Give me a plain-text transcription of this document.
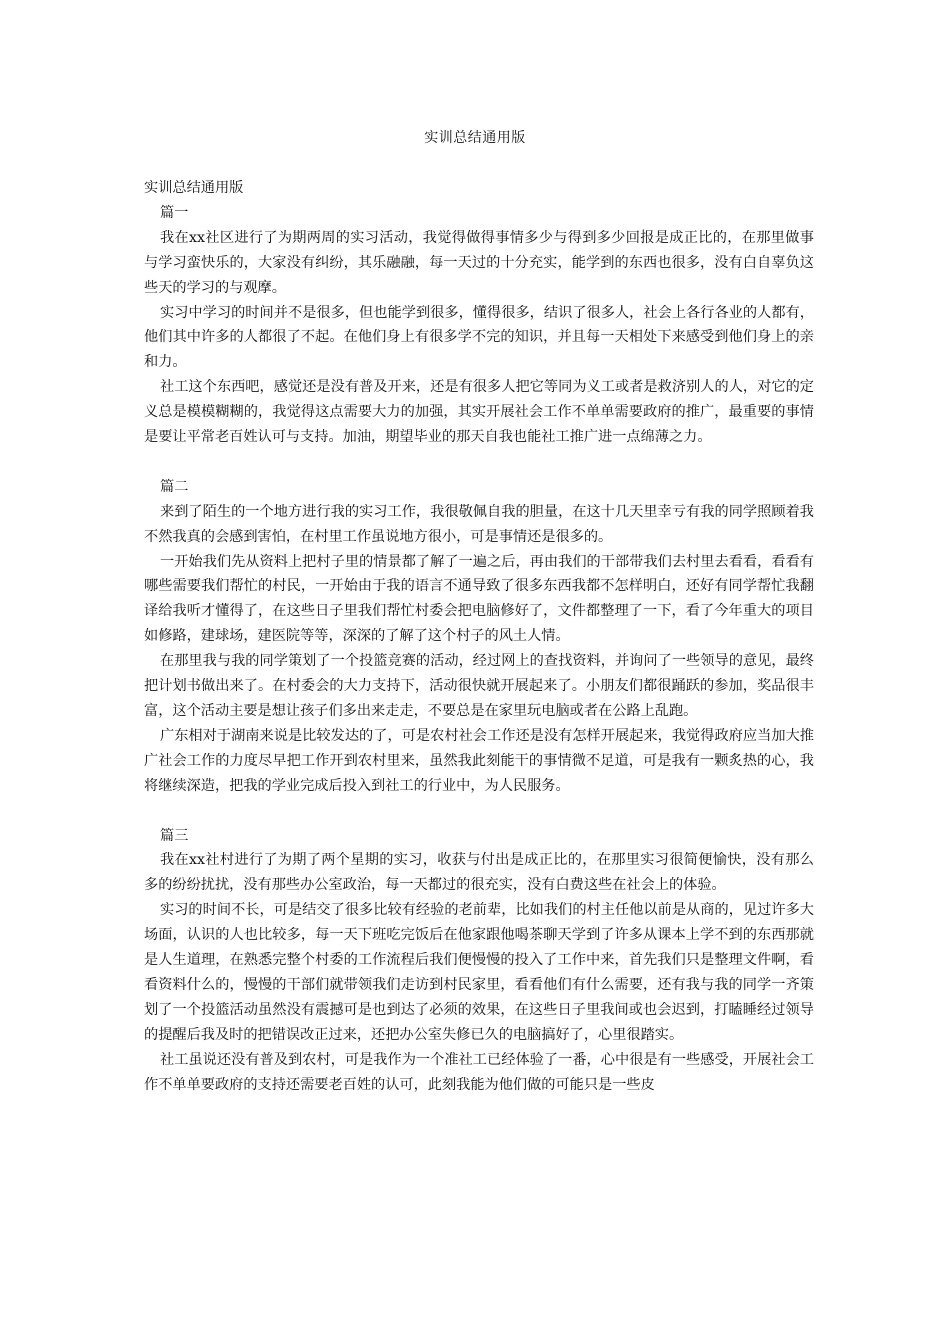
实训总结通用版

实训总结通用版

篇一

我在xx社区进行了为期两周的实习活动，我觉得做得事情多少与得到多少回报是成正比的，在那里做事与学习蛮快乐的，大家没有纠纷，其乐融融，每一天过的十分充实，能学到的东西也很多，没有白自辜负这些天的学习的与观摩。

实习中学习的时间并不是很多，但也能学到很多，懂得很多，结识了很多人，社会上各行各业的人都有，他们其中许多的人都很了不起。在他们身上有很多学不完的知识，并且每一天相处下来感受到他们身上的亲和力。

社工这个东西吧，感觉还是没有普及开来，还是有很多人把它等同为义工或者是救济别人的人，对它的定义总是模模糊糊的，我觉得这点需要大力的加强，其实开展社会工作不单单需要政府的推广，最重要的事情是要让平常老百姓认可与支持。加油，期望毕业的那天自我也能社工推广进一点绵薄之力。

篇二

来到了陌生的一个地方进行我的实习工作，我很敬佩自我的胆量，在这十几天里幸亏有我的同学照顾着我不然我真的会感到害怕，在村里工作虽说地方很小，可是事情还是很多的。

一开始我们先从资料上把村子里的情景都了解了一遍之后，再由我们的干部带我们去村里去看看，看看有哪些需要我们帮忙的村民，一开始由于我的语言不通导致了很多东西我都不怎样明白，还好有同学帮忙我翻译给我听才懂得了，在这些日子里我们帮忙村委会把电脑修好了，文件都整理了一下，看了今年重大的项目如修路，建球场，建医院等等，深深的了解了这个村子的风土人情。

在那里我与我的同学策划了一个投篮竞赛的活动，经过网上的查找资料，并询问了一些领导的意见，最终把计划书做出来了。在村委会的大力支持下，活动很快就开展起来了。小朋友们都很踊跃的参加，奖品很丰富，这个活动主要是想让孩子们多出来走走，不要总是在家里玩电脑或者在公路上乱跑。

广东相对于湖南来说是比较发达的了，可是农村社会工作还是没有怎样开展起来，我觉得政府应当加大推广社会工作的力度尽早把工作开到农村里来，虽然我此刻能干的事情微不足道，可是我有一颗炙热的心，我将继续深造，把我的学业完成后投入到社工的行业中，为人民服务。

篇三

我在xx社村进行了为期了两个星期的实习，收获与付出是成正比的，在那里实习很简便愉快，没有那么多的纷纷扰扰，没有那些办公室政治，每一天都过的很充实，没有白费这些在社会上的体验。

实习的时间不长，可是结交了很多比较有经验的老前辈，比如我们的村主任他以前是从商的，见过许多大场面，认识的人也比较多，每一天下班吃完饭后在他家跟他喝茶聊天学到了许多从课本上学不到的东西那就是人生道理，在熟悉完整个村委的工作流程后我们便慢慢的投入了工作中来，首先我们只是整理文件啊，看看资料什么的，慢慢的干部们就带领我们走访到村民家里，看看他们有什么需要，还有我与我的同学一齐策划了一个投篮活动虽然没有震撼可是也到达了必须的效果，在这些日子里我间或也会迟到，打瞌睡经过领导的提醒后我及时的把错误改正过来，还把办公室失修已久的电脑搞好了，心里很踏实。

社工虽说还没有普及到农村，可是我作为一个准社工已经体验了一番，心中很是有一些感受，开展社会工作不单单要政府的支持还需要老百姓的认可，此刻我能为他们做的可能只是一些皮
